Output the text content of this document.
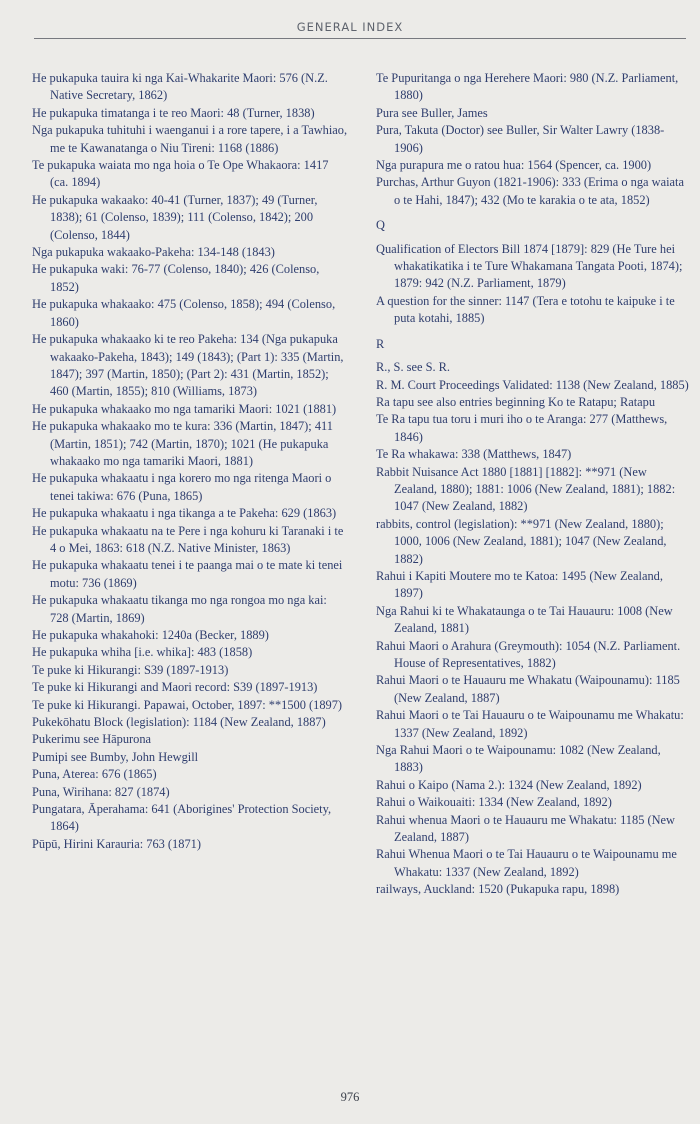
GENERAL INDEX

He pukapuka tauira ki nga Kai-Whakarite Maori: 576 (N.Z. Native Secretary, 1862)

He pukapuka timatanga i te reo Maori: 48 (Turner, 1838)

Nga pukapuka tuhituhi i waenganui i a rore tapere, i a Tawhiao, me te Kawanatanga o Niu Tireni: 1168 (1886)

Te pukapuka waiata mo nga hoia o Te Ope Whakaora: 1417 (ca. 1894)

He pukapuka wakaako: 40-41 (Turner, 1837); 49 (Turner, 1838); 61 (Colenso, 1839); 111 (Colenso, 1842); 200 (Colenso, 1844)

Nga pukapuka wakaako-Pakeha: 134-148 (1843)

He pukapuka waki: 76-77 (Colenso, 1840); 426 (Colenso, 1852)

He pukapuka whakaako: 475 (Colenso, 1858); 494 (Colenso, 1860)

He pukapuka whakaako ki te reo Pakeha: 134 (Nga pukapuka wakaako-Pakeha, 1843); 149 (1843); (Part 1): 335 (Martin, 1847); 397 (Martin, 1850); (Part 2): 431 (Martin, 1852); 460 (Martin, 1855); 810 (Williams, 1873)

He pukapuka whakaako mo nga tamariki Maori: 1021 (1881)

He pukapuka whakaako mo te kura: 336 (Martin, 1847); 411 (Martin, 1851); 742 (Martin, 1870); 1021 (He pukapuka whakaako mo nga tamariki Maori, 1881)

He pukapuka whakaatu i nga korero mo nga ritenga Maori o tenei takiwa: 676 (Puna, 1865)

He pukapuka whakaatu i nga tikanga a te Pakeha: 629 (1863)

He pukapuka whakaatu na te Pere i nga kohuru ki Taranaki i te 4 o Mei, 1863: 618 (N.Z. Native Minister, 1863)

He pukapuka whakaatu tenei i te paanga mai o te mate ki tenei motu: 736 (1869)

He pukapuka whakaatu tikanga mo nga rongoa mo nga kai: 728 (Martin, 1869)

He pukapuka whakahoki: 1240a (Becker, 1889)

He pukapuka whiha [i.e. whika]: 483 (1858)

Te puke ki Hikurangi: S39 (1897-1913)

Te puke ki Hikurangi and Maori record: S39 (1897-1913)

Te puke ki Hikurangi. Papawai, October, 1897: **1500 (1897)

Pukekōhatu Block (legislation): 1184 (New Zealand, 1887)

Pukerimu see Hāpurona

Pumipi see Bumby, John Hewgill

Puna, Aterea: 676 (1865)

Puna, Wirihana: 827 (1874)

Pungatara, Āperahama: 641 (Aborigines' Protection Society, 1864)

Pūpū, Hirini Karauria: 763 (1871)

Te Pupuritanga o nga Herehere Maori: 980 (N.Z. Parliament, 1880)

Pura see Buller, James

Pura, Takuta (Doctor) see Buller, Sir Walter Lawry (1838-1906)

Nga purapura me o ratou hua: 1564 (Spencer, ca. 1900)

Purchas, Arthur Guyon (1821-1906): 333 (Erima o nga waiata o te Hahi, 1847); 432 (Mo te karakia o te ata, 1852)

Q

Qualification of Electors Bill 1874 [1879]: 829 (He Ture hei whakatikatika i te Ture Whakamana Tangata Pooti, 1874); 1879: 942 (N.Z. Parliament, 1879)

A question for the sinner: 1147 (Tera e totohu te kaipuke i te puta kotahi, 1885)

R

R., S. see S. R.

R. M. Court Proceedings Validated: 1138 (New Zealand, 1885)

Ra tapu see also entries beginning Ko te Ratapu; Ratapu

Te Ra tapu tua toru i muri iho o te Aranga: 277 (Matthews, 1846)

Te Ra whakawa: 338 (Matthews, 1847)

Rabbit Nuisance Act 1880 [1881] [1882]: **971 (New Zealand, 1880); 1881: 1006 (New Zealand, 1881); 1882: 1047 (New Zealand, 1882)

rabbits, control (legislation): **971 (New Zealand, 1880); 1000, 1006 (New Zealand, 1881); 1047 (New Zealand, 1882)

Rahui i Kapiti Moutere mo te Katoa: 1495 (New Zealand, 1897)

Nga Rahui ki te Whakataunga o te Tai Hauauru: 1008 (New Zealand, 1881)

Rahui Maori o Arahura (Greymouth): 1054 (N.Z. Parliament. House of Representatives, 1882)

Rahui Maori o te Hauauru me Whakatu (Waipounamu): 1185 (New Zealand, 1887)

Rahui Maori o te Tai Hauauru o te Waipounamu me Whakatu: 1337 (New Zealand, 1892)

Nga Rahui Maori o te Waipounamu: 1082 (New Zealand, 1883)

Rahui o Kaipo (Nama 2.): 1324 (New Zealand, 1892)

Rahui o Waikouaiti: 1334 (New Zealand, 1892)

Rahui whenua Maori o te Hauauru me Whakatu: 1185 (New Zealand, 1887)

Rahui Whenua Maori o te Tai Hauauru o te Waipounamu me Whakatu: 1337 (New Zealand, 1892)

railways, Auckland: 1520 (Pukapuka rapu, 1898)

976
